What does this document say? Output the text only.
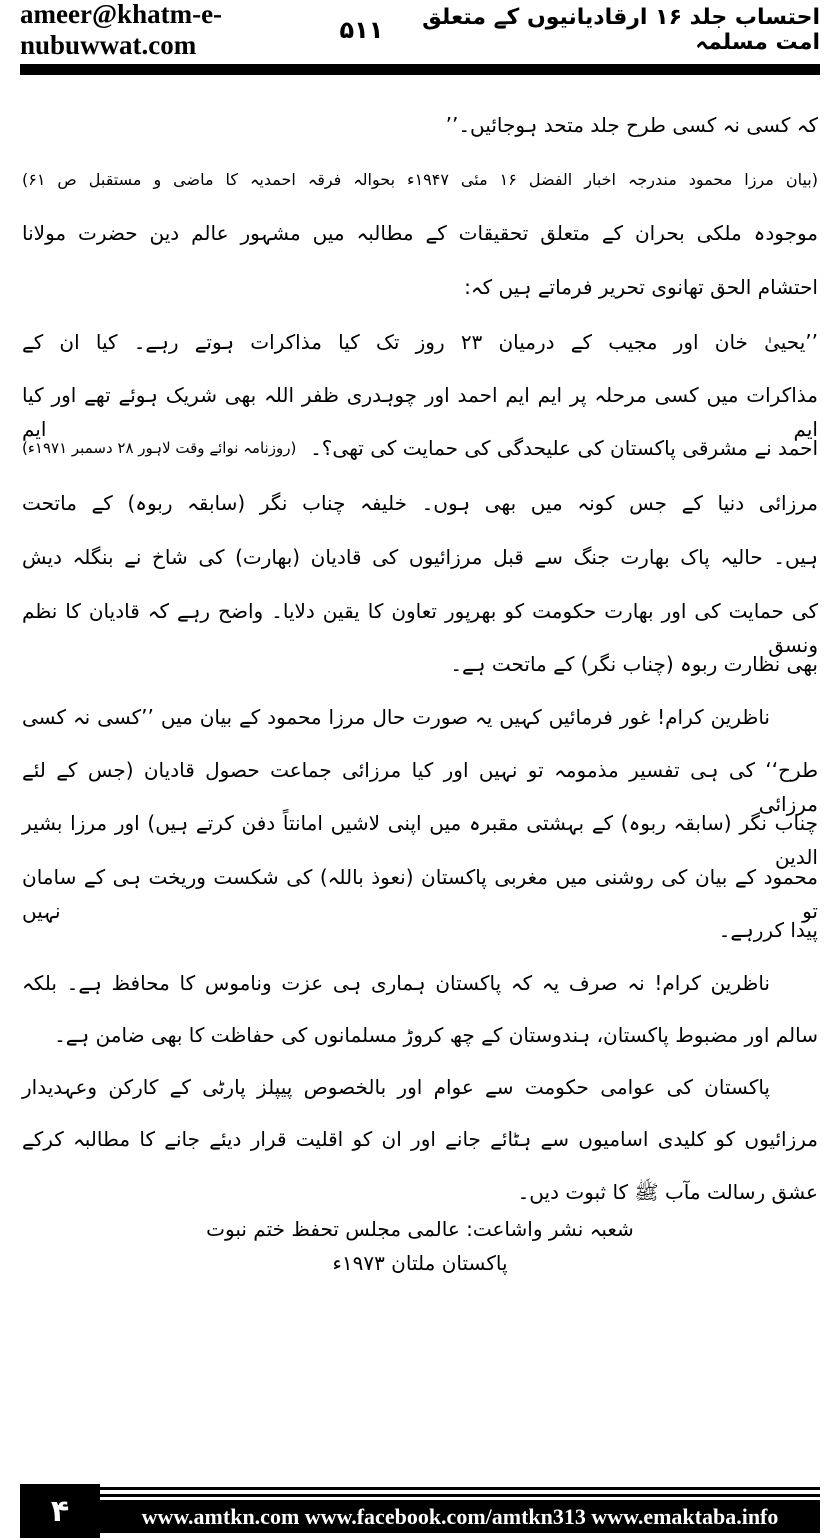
احتساب جلد ۱۶ ارقادیانیوں کے متعلق امت مسلمہ
۵۱۱
ameer@khatm-e-nubuwwat.com
کہ کسی نہ کسی طرح جلد متحد ہوجائیں۔’’
(بیان مرزا محمود مندرجہ اخبار الفضل ۱۶ مئی ۱۹۴۷ء بحوالہ فرقہ احمدیہ کا ماضی و مستقبل ص ۶۱)
موجودہ ملکی بحران کے متعلق تحقیقات کے مطالبہ میں مشہور عالم دین حضرت مولانا
احتشام الحق تھانوی تحریر فرماتے ہیں کہ:
’’یحییٰ خان اور مجیب کے درمیان ۲۳ روز تک کیا مذاکرات ہوتے رہے۔ کیا ان کے
مذاکرات میں کسی مرحلہ پر ایم ایم احمد اور چوہدری ظفر اللہ بھی شریک ہوئے تھے اور کیا ایم ایم
احمد نے مشرقی پاکستان کی علیحدگی کی حمایت کی تھی؟۔
(روزنامہ نوائے وقت لاہور ۲۸ دسمبر ۱۹۷۱ء)
مرزائی دنیا کے جس کونہ میں بھی ہوں۔ خلیفہ چناب نگر (سابقہ ربوہ) کے ماتحت
ہیں۔ حالیہ پاک بھارت جنگ سے قبل مرزائیوں کی قادیان (بھارت) کی شاخ نے بنگلہ دیش
کی حمایت کی اور بھارت حکومت کو بھرپور تعاون کا یقین دلایا۔ واضح رہے کہ قادیان کا نظم ونسق
بھی نظارت ربوہ (چناب نگر) کے ماتحت ہے۔
ناظرین کرام! غور فرمائیں کہیں یہ صورت حال مرزا محمود کے بیان میں ’’کسی نہ کسی
طرح‘‘ کی ہی تفسیر مذمومہ تو نہیں اور کیا مرزائی جماعت حصول قادیان (جس کے لئے مرزائی
چناب نگر (سابقہ ربوہ) کے بہشتی مقبرہ میں اپنی لاشیں امانتاً دفن کرتے ہیں) اور مرزا بشیر الدین
محمود کے بیان کی روشنی میں مغربی پاکستان (نعوذ باللہ) کی شکست وریخت ہی کے سامان تو نہیں
پیدا کررہے۔
ناظرین کرام! نہ صرف یہ کہ پاکستان ہماری ہی عزت وناموس کا محافظ ہے۔ بلکہ
سالم اور مضبوط پاکستان، ہندوستان کے چھ کروڑ مسلمانوں کی حفاظت کا بھی ضامن ہے۔
پاکستان کی عوامی حکومت سے عوام اور بالخصوص پیپلز پارٹی کے کارکن وعہدیدار
مرزائیوں کو کلیدی اسامیوں سے ہٹائے جانے اور ان کو اقلیت قرار دیئے جانے کا مطالبہ کرکے
عشق رسالت مآب ﷺ کا ثبوت دیں۔
شعبہ نشر واشاعت: عالمی مجلس تحفظ ختم نبوت پاکستان ملتان ۱۹۷۳ء
۴	www.amtkn.com www.facebook.com/amtkn313 www.emaktaba.info
